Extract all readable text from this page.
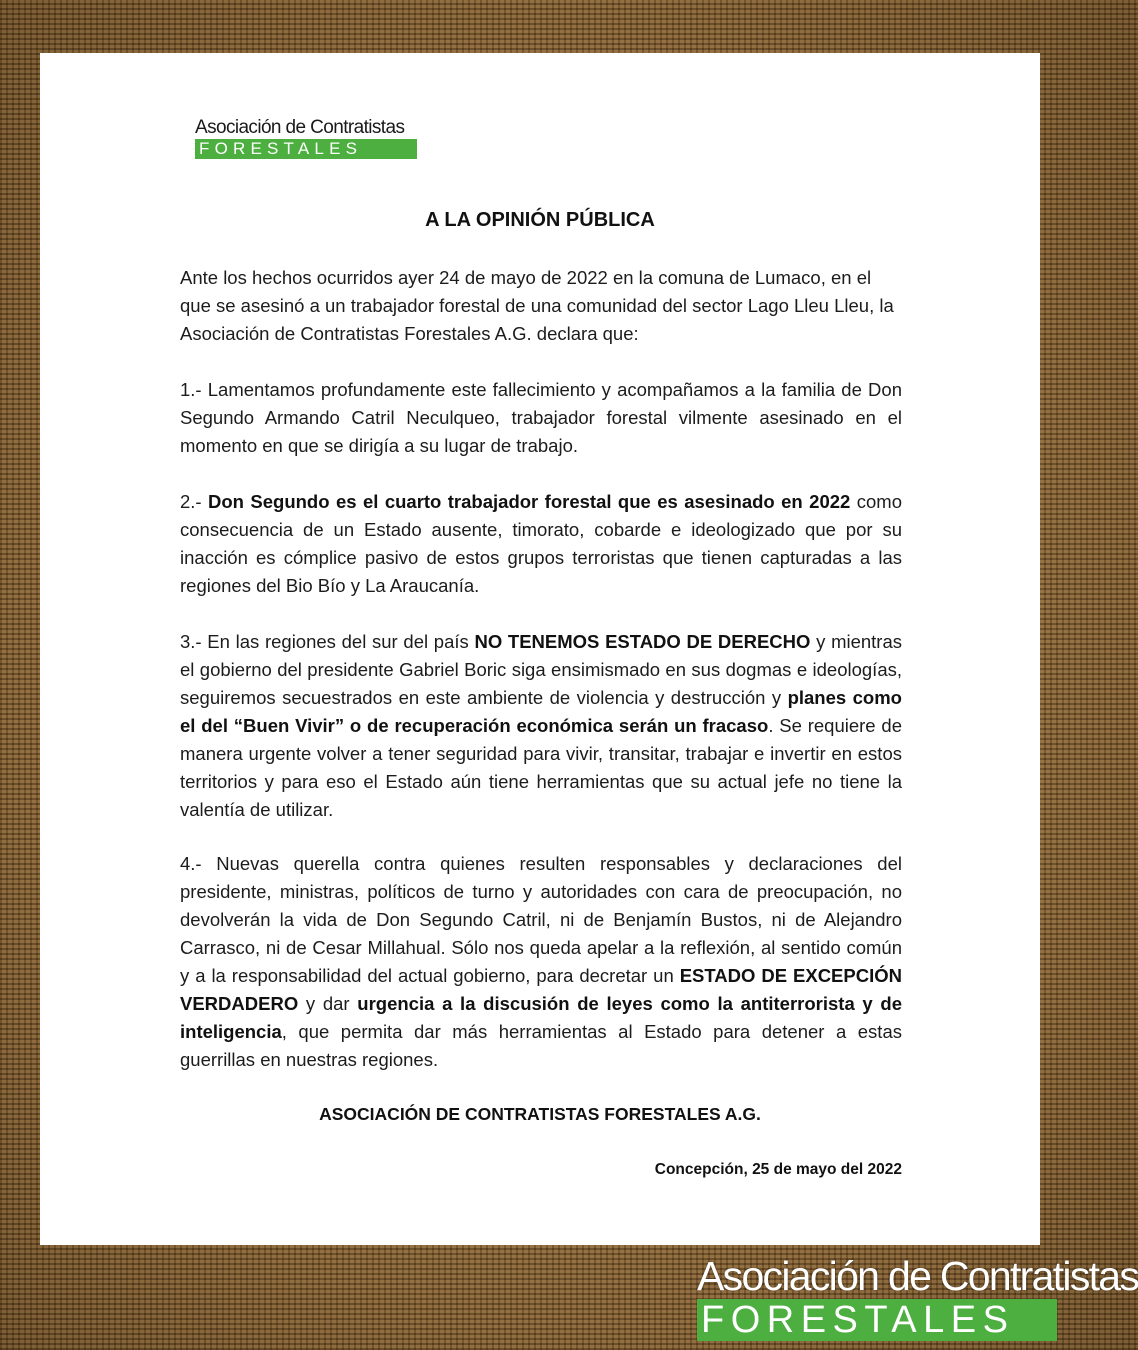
Asociación de Contratistas
FORESTALES
A LA OPINIÓN PÚBLICA

Ante los hechos ocurridos ayer 24 de mayo de 2022 en la comuna de Lumaco, en el que se asesinó a un trabajador forestal de una comunidad del sector Lago Lleu Lleu, la Asociación de Contratistas Forestales A.G. declara que:

1.- Lamentamos profundamente este fallecimiento y acompañamos a la familia de Don Segundo Armando Catril Neculqueo, trabajador forestal vilmente asesinado en el momento en que se dirigía a su lugar de trabajo.

2.- Don Segundo es el cuarto trabajador forestal que es asesinado en 2022 como consecuencia de un Estado ausente, timorato, cobarde e ideologizado que por su inacción es cómplice pasivo de estos grupos terroristas que tienen capturadas a las regiones del Bio Bío y La Araucanía.

3.- En las regiones del sur del país NO TENEMOS ESTADO DE DERECHO y mientras el gobierno del presidente Gabriel Boric siga ensimismado en sus dogmas e ideologías, seguiremos secuestrados en este ambiente de violencia y destrucción y planes como el del “Buen Vivir” o de recuperación económica serán un fracaso. Se requiere de manera urgente volver a tener seguridad para vivir, transitar, trabajar e invertir en estos territorios y para eso el Estado aún tiene herramientas que su actual jefe no tiene la valentía de utilizar.

4.- Nuevas querella contra quienes resulten responsables y declaraciones del presidente, ministras, políticos de turno y autoridades con cara de preocupación, no devolverán la vida de Don Segundo Catril, ni de Benjamín Bustos, ni de Alejandro Carrasco, ni de Cesar Millahual. Sólo nos queda apelar a la reflexión, al sentido común y a la responsabilidad del actual gobierno, para decretar un ESTADO DE EXCEPCIÓN VERDADERO y dar urgencia a la discusión de leyes como la antiterrorista y de inteligencia, que permita dar más herramientas al Estado para detener a estas guerrillas en nuestras regiones.

ASOCIACIÓN DE CONTRATISTAS FORESTALES A.G.
Concepción, 25 de mayo del 2022
Asociación de Contratistas
FORESTALES
